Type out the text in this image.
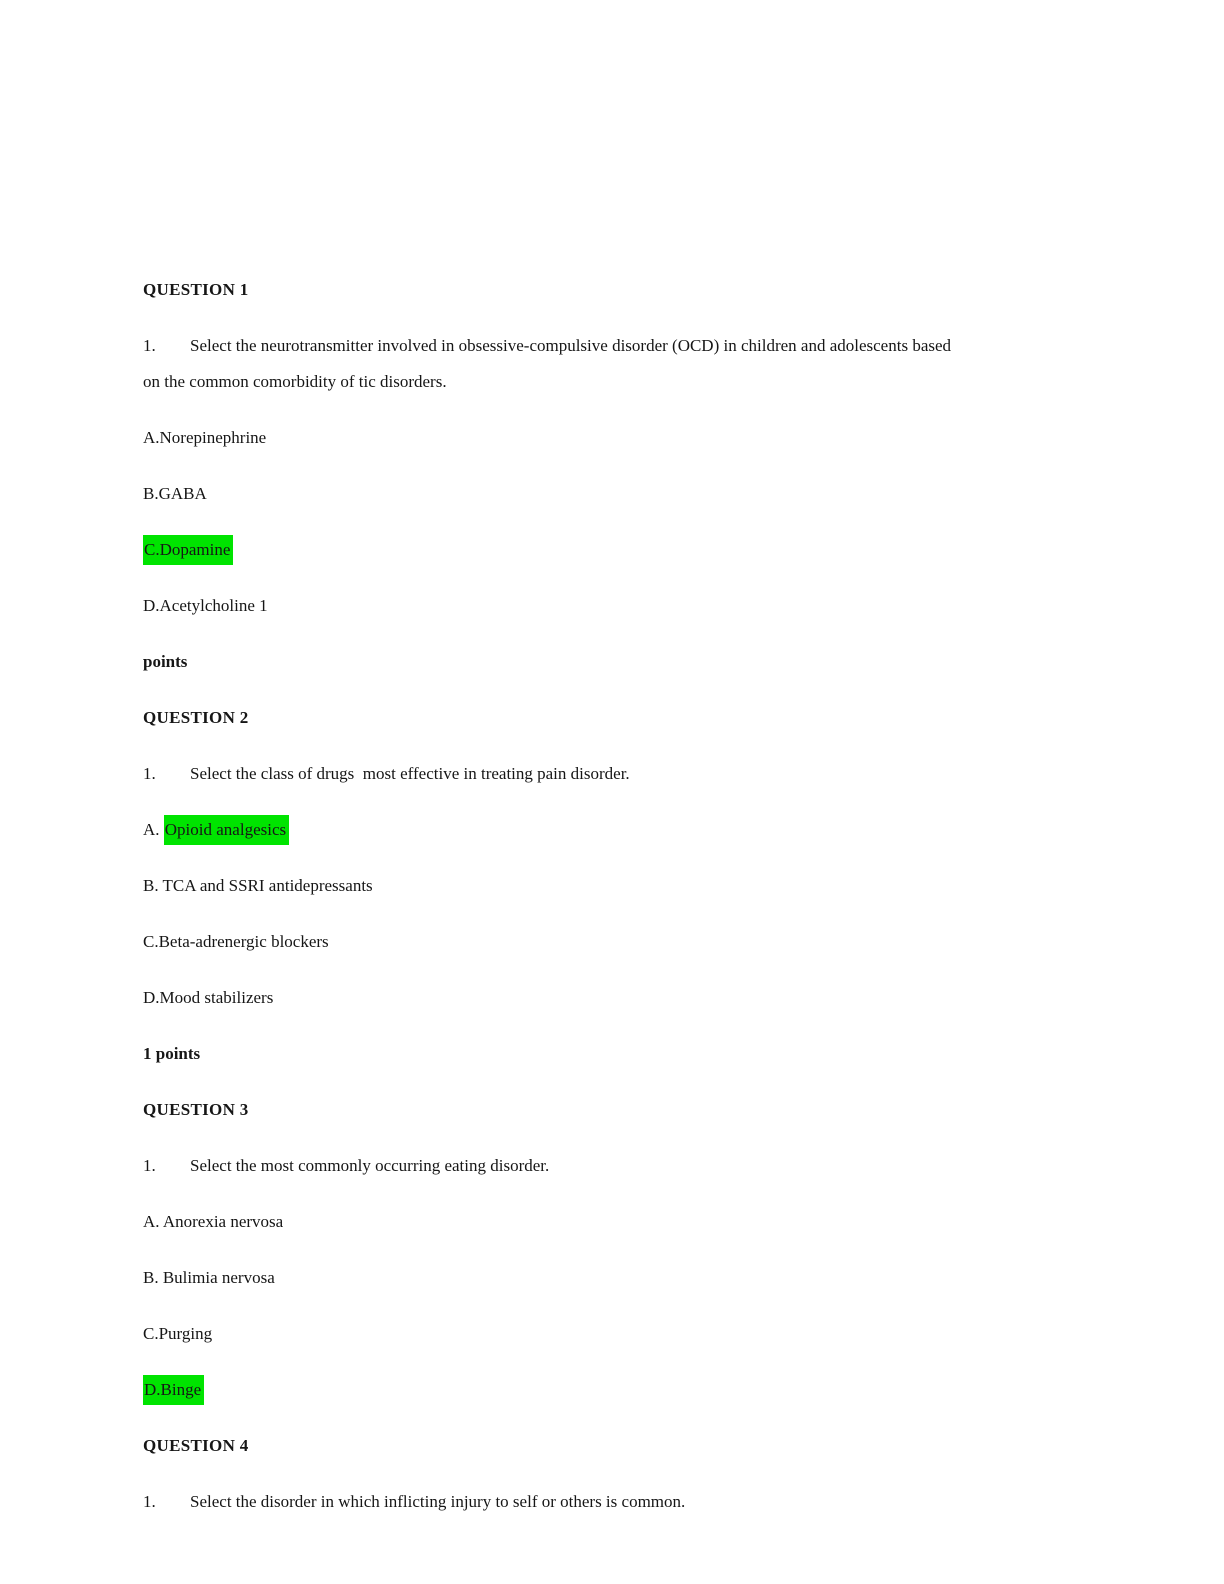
QUESTION 1

1. Select the neurotransmitter involved in obsessive-compulsive disorder (OCD) in children and adolescents based on the common comorbidity of tic disorders.

A.Norepinephrine

B.GABA

C.Dopamine

D.Acetylcholine 1

points

QUESTION 2

1. Select the class of drugs  most effective in treating pain disorder.

A. Opioid analgesics

B. TCA and SSRI antidepressants

C.Beta-adrenergic blockers

D.Mood stabilizers

1 points

QUESTION 3

1. Select the most commonly occurring eating disorder.

A. Anorexia nervosa

B. Bulimia nervosa

C.Purging

D.Binge

QUESTION 4

1. Select the disorder in which inflicting injury to self or others is common.
